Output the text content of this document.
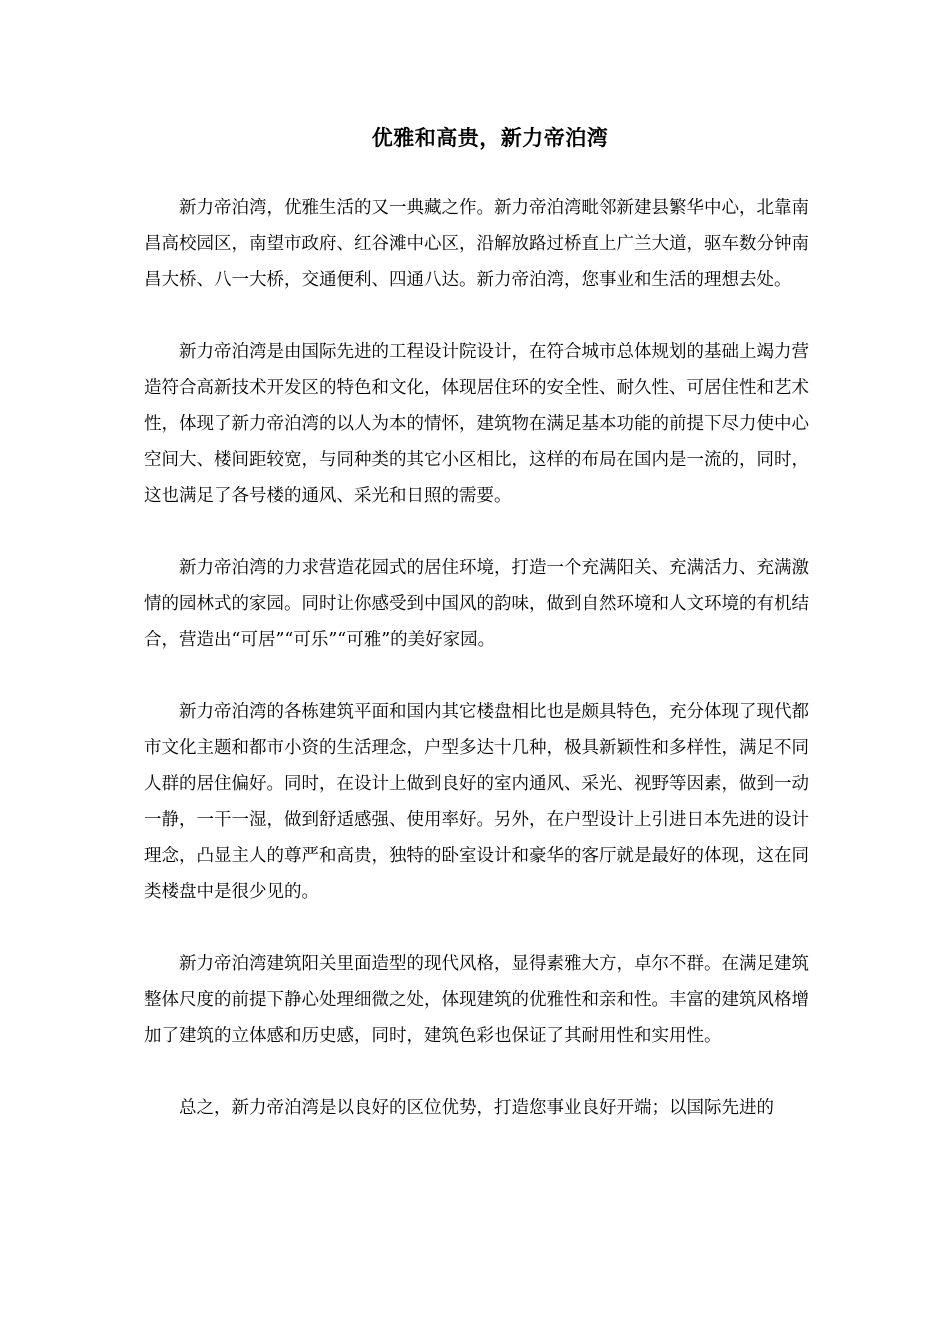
优雅和高贵，新力帝泊湾

新力帝泊湾，优雅生活的又一典藏之作。新力帝泊湾毗邻新建县繁华中心，北靠南昌高校园区，南望市政府、红谷滩中心区，沿解放路过桥直上广兰大道，驱车数分钟南昌大桥、八一大桥，交通便利、四通八达。新力帝泊湾，您事业和生活的理想去处。

新力帝泊湾是由国际先进的工程设计院设计，在符合城市总体规划的基础上竭力营造符合高新技术开发区的特色和文化，体现居住环的安全性、耐久性、可居住性和艺术性，体现了新力帝泊湾的以人为本的情怀，建筑物在满足基本功能的前提下尽力使中心空间大、楼间距较宽，与同种类的其它小区相比，这样的布局在国内是一流的，同时，这也满足了各号楼的通风、采光和日照的需要。

新力帝泊湾的力求营造花园式的居住环境，打造一个充满阳关、充满活力、充满激情的园林式的家园。同时让你感受到中国风的韵味，做到自然环境和人文环境的有机结合，营造出“可居”“可乐”“可雅”的美好家园。

新力帝泊湾的各栋建筑平面和国内其它楼盘相比也是颇具特色，充分体现了现代都市文化主题和都市小资的生活理念，户型多达十几种，极具新颖性和多样性，满足不同人群的居住偏好。同时，在设计上做到良好的室内通风、采光、视野等因素，做到一动一静，一干一湿，做到舒适感强、使用率好。另外，在户型设计上引进日本先进的设计理念，凸显主人的尊严和高贵，独特的卧室设计和豪华的客厅就是最好的体现，这在同类楼盘中是很少见的。

新力帝泊湾建筑阳关里面造型的现代风格，显得素雅大方，卓尔不群。在满足建筑整体尺度的前提下静心处理细微之处，体现建筑的优雅性和亲和性。丰富的建筑风格增加了建筑的立体感和历史感，同时，建筑色彩也保证了其耐用性和实用性。

总之，新力帝泊湾是以良好的区位优势，打造您事业良好开端；以国际先进的
